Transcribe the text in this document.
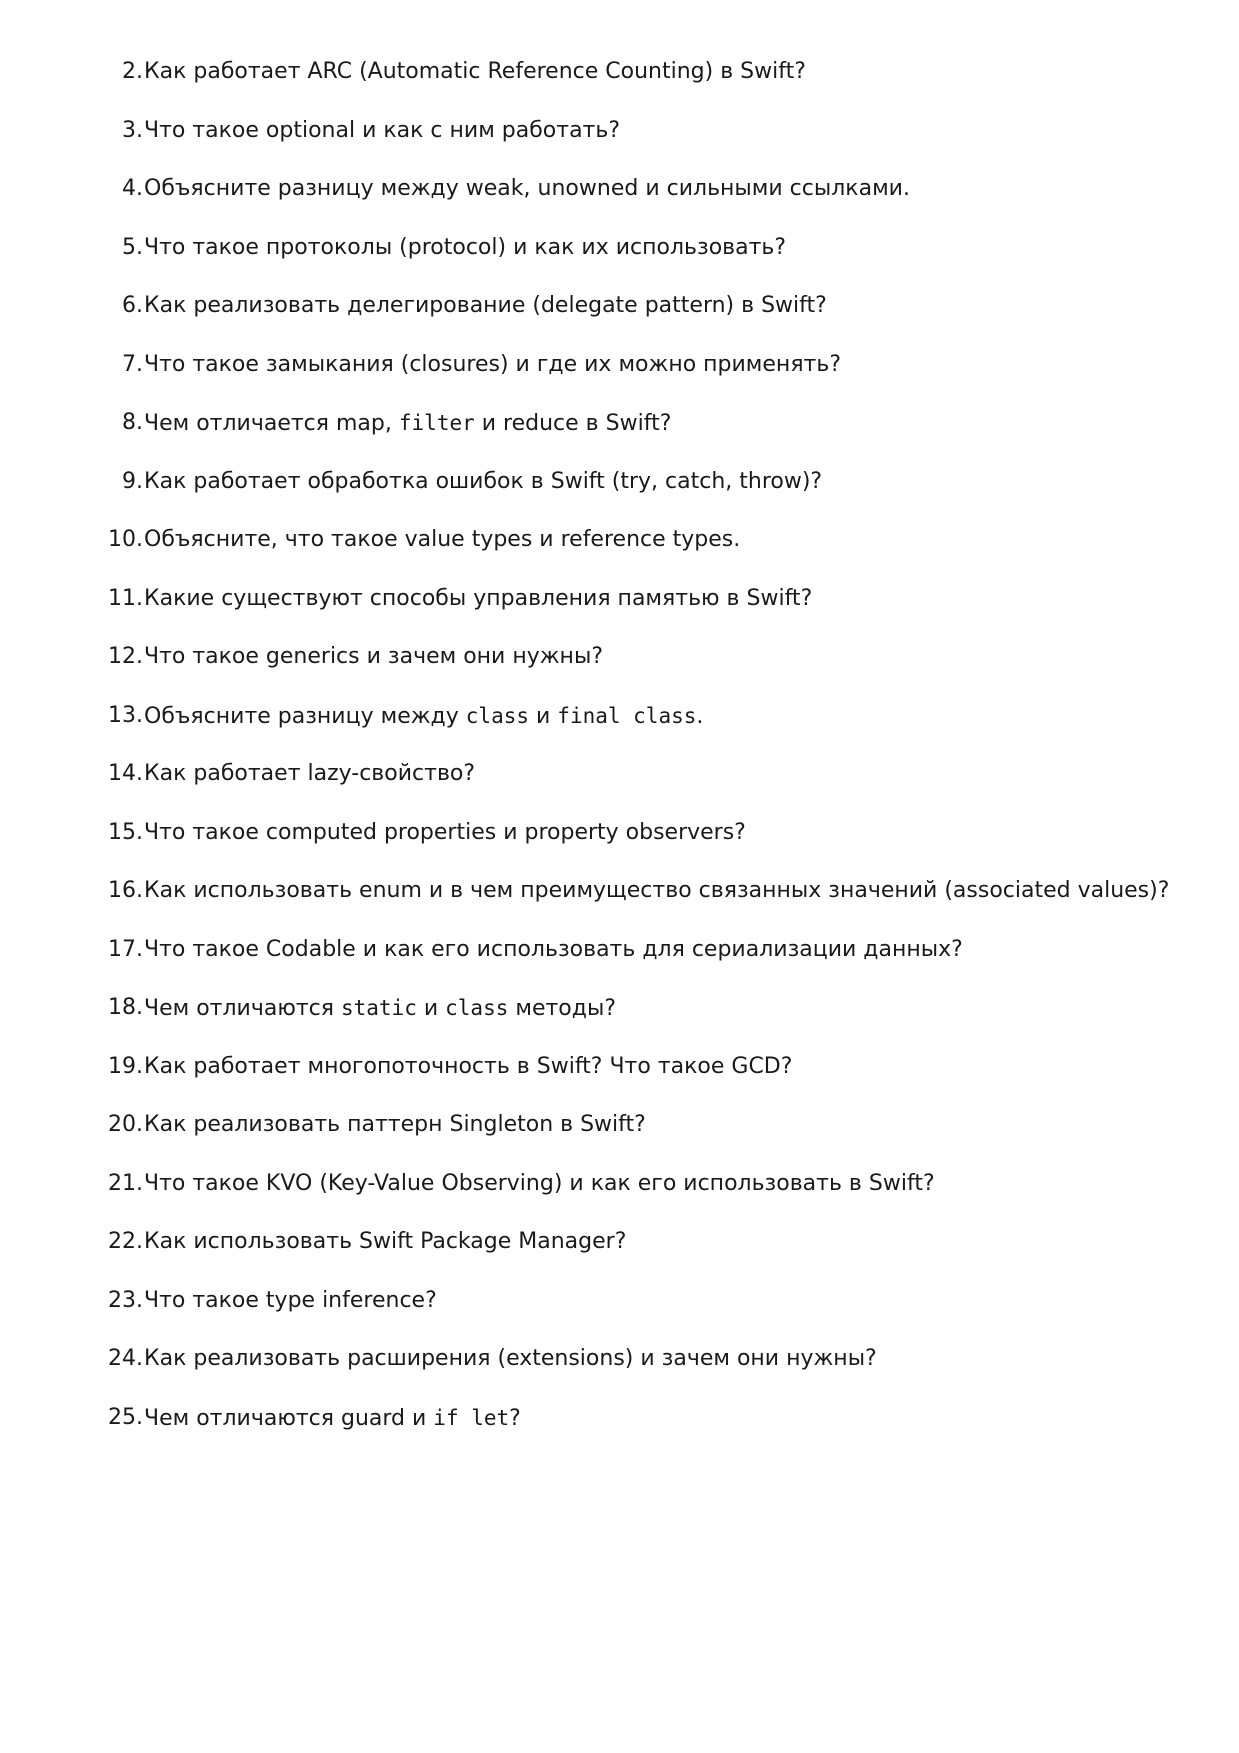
2. Как работает ARC (Automatic Reference Counting) в Swift?
3. Что такое optional и как с ним работать?
4. Объясните разницу между weak, unowned и сильными ссылками.
5. Что такое протоколы (protocol) и как их использовать?
6. Как реализовать делегирование (delegate pattern) в Swift?
7. Что такое замыкания (closures) и где их можно применять?
8. Чем отличается map, filter и reduce в Swift?
9. Как работает обработка ошибок в Swift (try, catch, throw)?
10. Объясните, что такое value types и reference types.
11. Какие существуют способы управления памятью в Swift?
12. Что такое generics и зачем они нужны?
13. Объясните разницу между class и final class.
14. Как работает lazy-свойство?
15. Что такое computed properties и property observers?
16. Как использовать enum и в чем преимущество связанных значений (associated values)?
17. Что такое Codable и как его использовать для сериализации данных?
18. Чем отличаются static и class методы?
19. Как работает многопоточность в Swift? Что такое GCD?
20. Как реализовать паттерн Singleton в Swift?
21. Что такое KVO (Key-Value Observing) и как его использовать в Swift?
22. Как использовать Swift Package Manager?
23. Что такое type inference?
24. Как реализовать расширения (extensions) и зачем они нужны?
25. Чем отличаются guard и if let?
